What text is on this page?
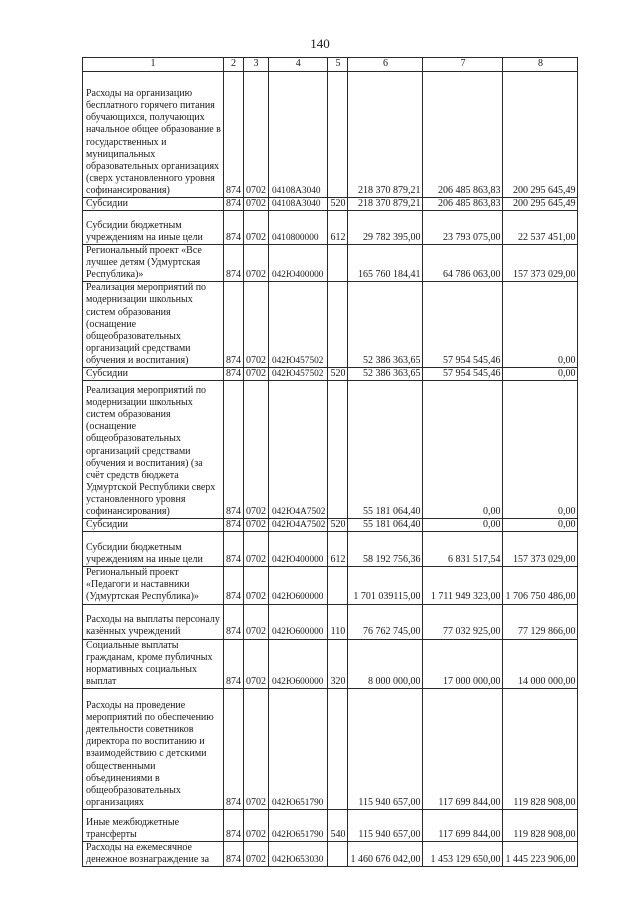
140
1	2	3	4	5	6	7	8
Расходы на организацию бесплатного горячего питания обучающихся, получающих начальное общее образование в государственных и муниципальных образовательных организациях (сверх установленного уровня софинансирования)	874	0702	04108A3040		218 370 879,21	206 485 863,83	200 295 645,49
Субсидии	874	0702	04108A3040	520	218 370 879,21	206 485 863,83	200 295 645,49
Субсидии бюджетным учреждениям на иные цели	874	0702	0410800000	612	29 782 395,00	23 793 075,00	22 537 451,00
Региональный проект «Все лучшее детям (Удмуртская Республика)»	874	0702	042Ю400000		165 760 184,41	64 786 063,00	157 373 029,00
Реализация мероприятий по модернизации школьных систем образования (оснащение общеобразовательных организаций средствами обучения и воспитания)	874	0702	042Ю457502		52 386 363,65	57 954 545,46	0,00
Субсидии	874	0702	042Ю457502	520	52 386 363,65	57 954 545,46	0,00
Реализация мероприятий по модернизации школьных систем образования (оснащение общеобразовательных организаций средствами обучения и воспитания) (за счёт средств бюджета Удмуртской Республики сверх установленного уровня софинансирования)	874	0702	042Ю4A7502		55 181 064,40	0,00	0,00
Субсидии	874	0702	042Ю4A7502	520	55 181 064,40	0,00	0,00
Субсидии бюджетным учреждениям на иные цели	874	0702	042Ю400000	612	58 192 756,36	6 831 517,54	157 373 029,00
Региональный проект «Педагоги и наставники (Удмуртская Республика)»	874	0702	042Ю600000		1 701 039115,00	1 711 949 323,00	1 706 750 486,00
Расходы на выплаты персоналу казённых учреждений	874	0702	042Ю600000	110	76 762 745,00	77 032 925,00	77 129 866,00
Социальные выплаты гражданам, кроме публичных нормативных социальных выплат	874	0702	042Ю600000	320	8 000 000,00	17 000 000,00	14 000 000,00
Расходы на проведение мероприятий по обеспечению деятельности советников директора по воспитанию и взаимодействию с детскими общественными объединениями в общеобразовательных организациях	874	0702	042Ю651790		115 940 657,00	117 699 844,00	119 828 908,00
Иные межбюджетные трансферты	874	0702	042Ю651790	540	115 940 657,00	117 699 844,00	119 828 908,00
Расходы на ежемесячное денежное вознаграждение за	874	0702	042Ю653030		1 460 676 042,00	1 453 129 650,00	1 445 223 906,00
